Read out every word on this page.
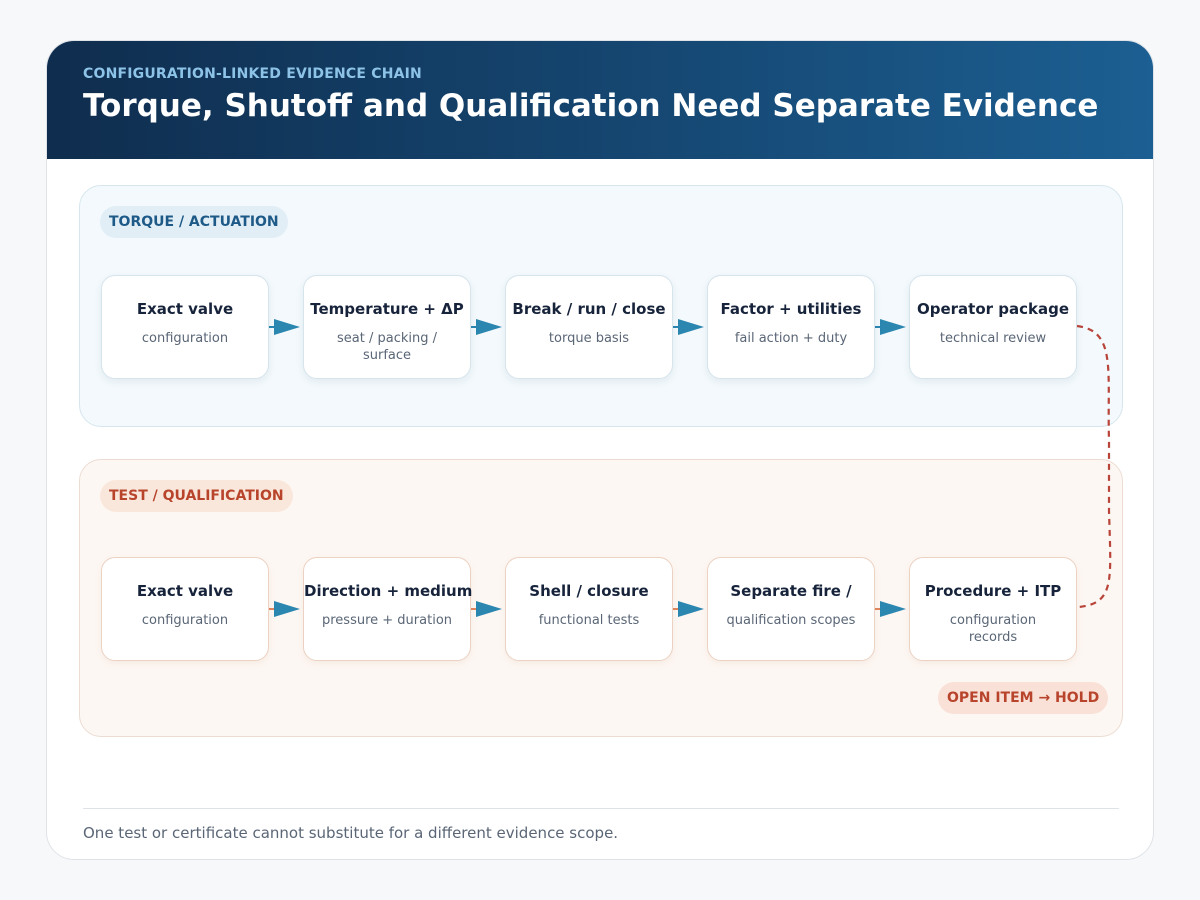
CONFIGURATION-LINKED EVIDENCE CHAIN
Torque, Shutoff and Qualification Need Separate Evidence
TORQUE / ACTUATION
Exact valve
configuration
Temperature + ΔP
seat / packing / surface
Break / run / close
torque basis
Factor + utilities
fail action + duty
Operator package
technical review
TEST / QUALIFICATION
Exact valve
configuration
Direction + medium
pressure + duration
Shell / closure
functional tests
Separate fire /
qualification scopes
Procedure + ITP
configuration records
OPEN ITEM → HOLD
One test or certificate cannot substitute for a different evidence scope.
